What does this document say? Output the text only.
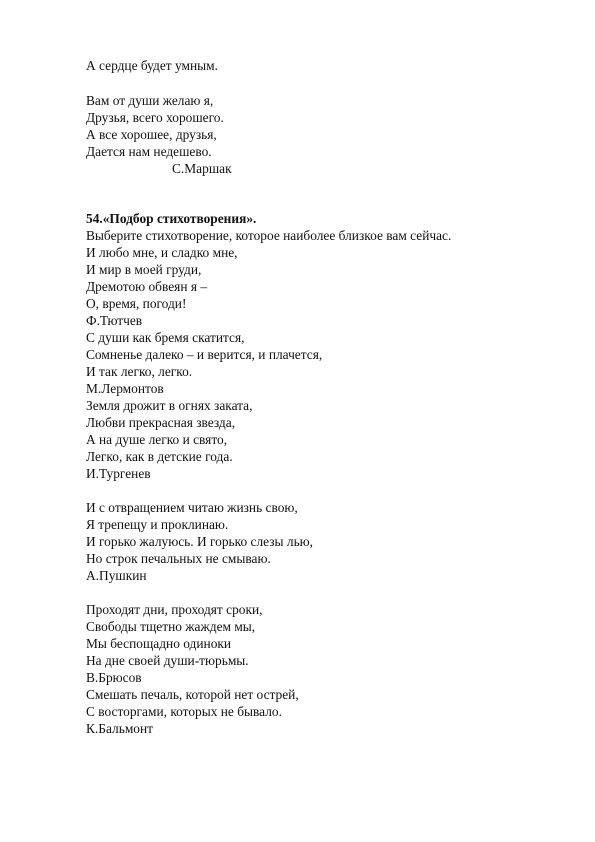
А сердце будет умным.
Вам от души желаю я,
Друзья, всего хорошего.
А все хорошее, друзья,
Дается нам недешево.
С.Маршак
54.«Подбор стихотворения».
Выберите стихотворение, которое наиболее близкое вам сейчас.
И любо мне, и сладко мне,
И мир в моей груди,
Дремотою обвеян я –
О, время, погоди!
Ф.Тютчев
С души как бремя скатится,
Сомненье далеко – и верится, и плачется,
И так легко, легко.
М.Лермонтов
Земля дрожит в огнях заката,
Любви прекрасная звезда,
А на душе легко и свято,
Легко, как в детские года.
И.Тургенев
И с отвращением читаю жизнь свою,
Я трепещу и проклинаю.
И горько жалуюсь. И горько слезы лью,
Но строк печальных не смываю.
А.Пушкин
Проходят дни, проходят сроки,
Свободы тщетно жаждем мы,
Мы беспощадно одиноки
На дне своей души-тюрьмы.
В.Брюсов
Смешать печаль, которой нет острей,
С восторгами, которых не бывало.
К.Бальмонт
